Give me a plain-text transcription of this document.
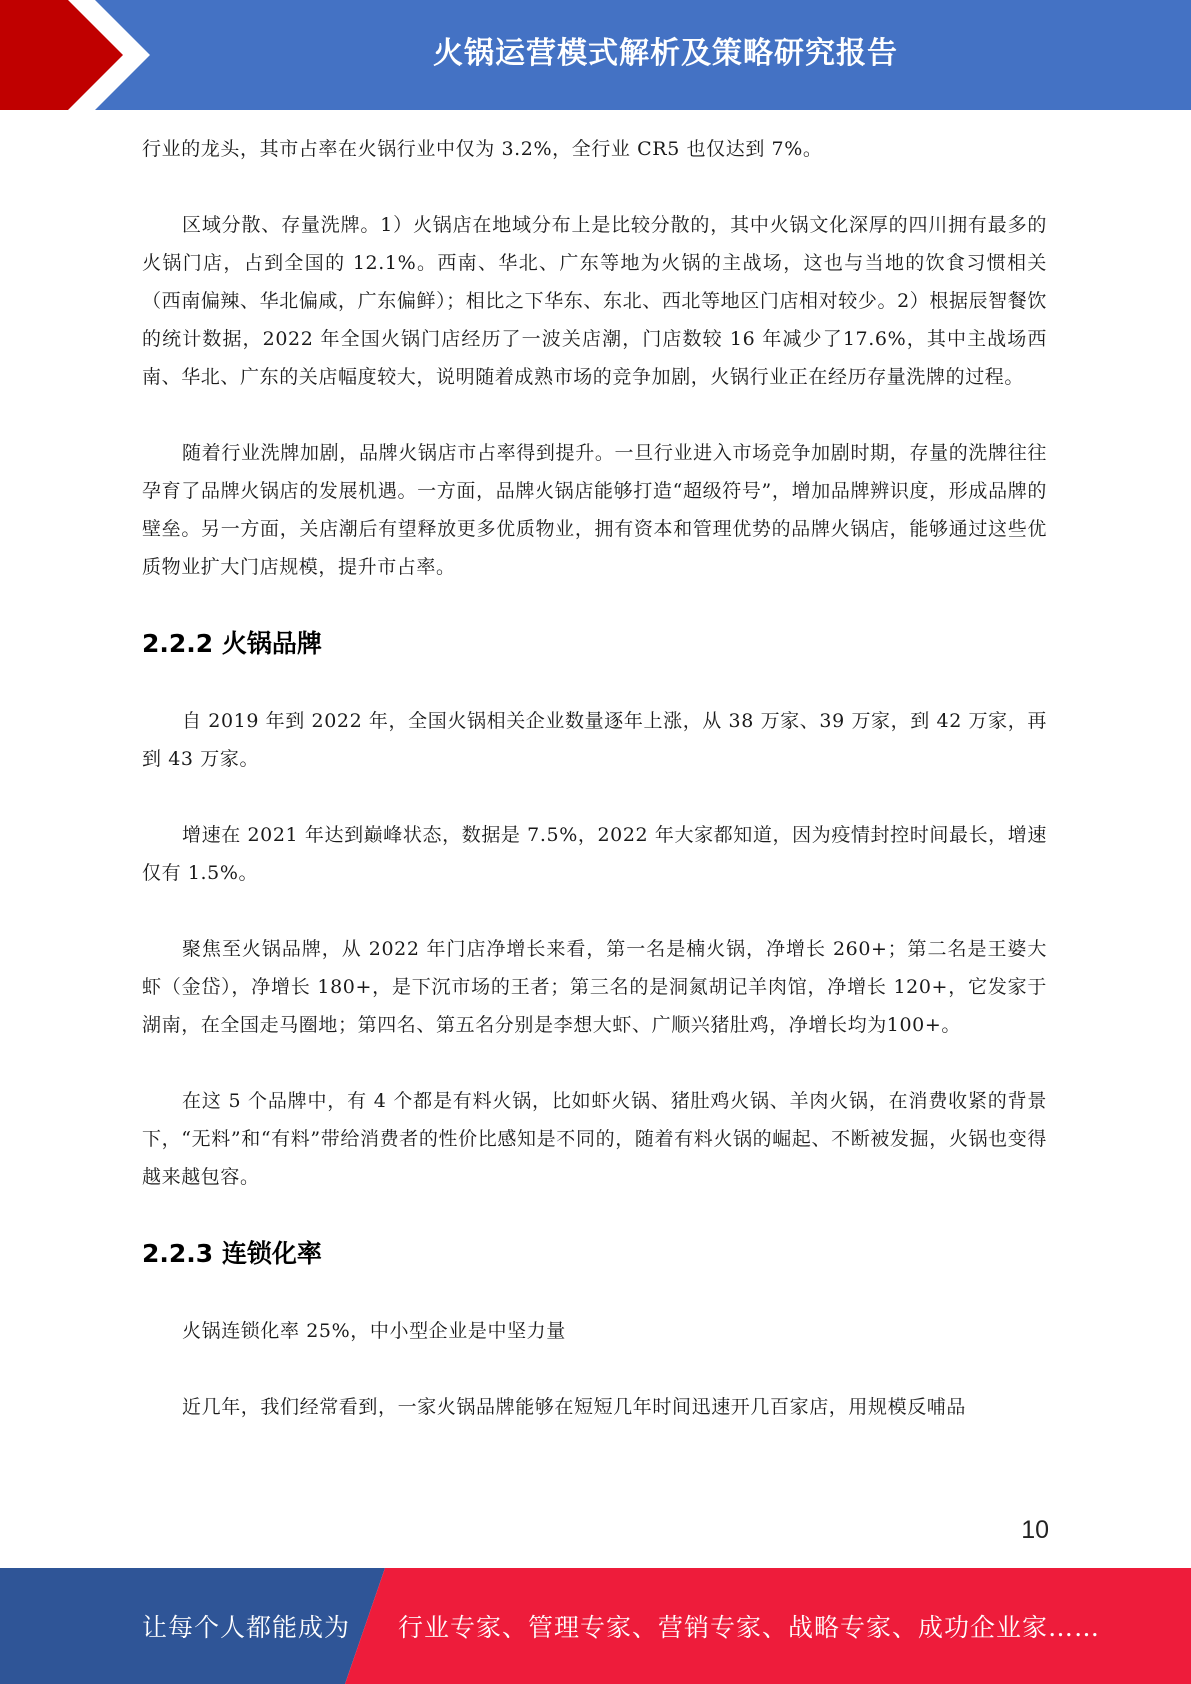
火锅运营模式解析及策略研究报告

行业的龙头，其市占率在火锅行业中仅为 3.2%，全行业 CR5 也仅达到 7%。

区域分散、存量洗牌。1）火锅店在地域分布上是比较分散的，其中火锅文化深厚的四川拥有最多的火锅门店，占到全国的 12.1%。西南、华北、广东等地为火锅的主战场，这也与当地的饮食习惯相关（西南偏辣、华北偏咸，广东偏鲜）；相比之下华东、东北、西北等地区门店相对较少。2）根据辰智餐饮的统计数据，2022 年全国火锅门店经历了一波关店潮，门店数较 16 年减少了17.6%，其中主战场西南、华北、广东的关店幅度较大，说明随着成熟市场的竞争加剧，火锅行业正在经历存量洗牌的过程。

随着行业洗牌加剧，品牌火锅店市占率得到提升。一旦行业进入市场竞争加剧时期，存量的洗牌往往孕育了品牌火锅店的发展机遇。一方面，品牌火锅店能够打造“超级符号”，增加品牌辨识度，形成品牌的壁垒。另一方面，关店潮后有望释放更多优质物业，拥有资本和管理优势的品牌火锅店，能够通过这些优质物业扩大门店规模，提升市占率。

2.2.2 火锅品牌

自 2019 年到 2022 年，全国火锅相关企业数量逐年上涨，从 38 万家、39 万家，到 42 万家，再到 43 万家。

增速在 2021 年达到巅峰状态，数据是 7.5%，2022 年大家都知道，因为疫情封控时间最长，增速仅有 1.5%。

聚焦至火锅品牌，从 2022 年门店净增长来看，第一名是楠火锅，净增长 260+；第二名是王婆大虾（金岱），净增长 180+，是下沉市场的王者；第三名的是洞氮胡记羊肉馆，净增长 120+，它发家于湖南，在全国走马圈地；第四名、第五名分别是李想大虾、广顺兴猪肚鸡，净增长均为100+。

在这 5 个品牌中，有 4 个都是有料火锅，比如虾火锅、猪肚鸡火锅、羊肉火锅，在消费收紧的背景下，“无料”和“有料”带给消费者的性价比感知是不同的，随着有料火锅的崛起、不断被发掘，火锅也变得越来越包容。

2.2.3 连锁化率

火锅连锁化率 25%，中小型企业是中坚力量

近几年，我们经常看到，一家火锅品牌能够在短短几年时间迅速开几百家店，用规模反哺品

10
让每个人都能成为 行业专家、管理专家、营销专家、战略专家、成功企业家……
